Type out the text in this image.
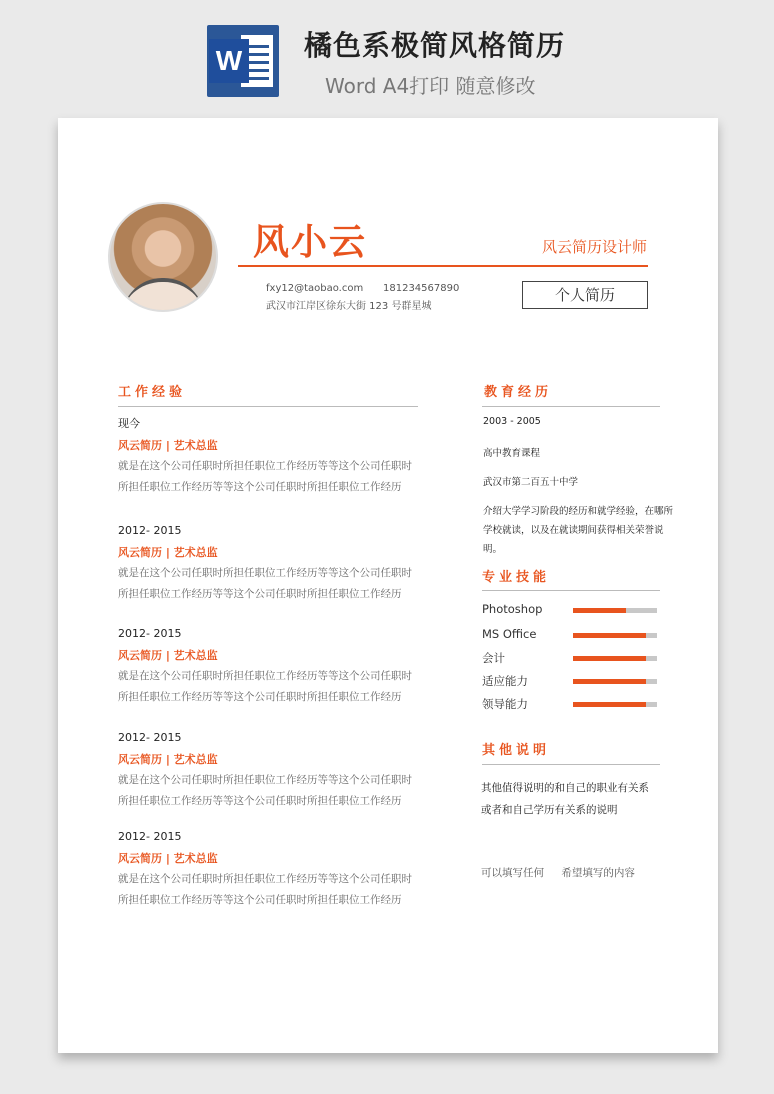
W 橘色系极简风格简历
Word A4打印 随意修改
风小云	风云简历设计师
fxy12@taobao.com 181234567890
武汉市江岸区徐东大街 123 号群星城
个人简历
工作经验
现今
风云简历 | 艺术总监
就是在这个公司任职时所担任职位工作经历等等这个公司任职时
所担任职位工作经历等等这个公司任职时所担任职位工作经历
2012- 2015
风云简历 | 艺术总监
就是在这个公司任职时所担任职位工作经历等等这个公司任职时
所担任职位工作经历等等这个公司任职时所担任职位工作经历
2012- 2015
风云简历 | 艺术总监
就是在这个公司任职时所担任职位工作经历等等这个公司任职时
所担任职位工作经历等等这个公司任职时所担任职位工作经历
2012- 2015
风云简历 | 艺术总监
就是在这个公司任职时所担任职位工作经历等等这个公司任职时
所担任职位工作经历等等这个公司任职时所担任职位工作经历
2012- 2015
风云简历 | 艺术总监
就是在这个公司任职时所担任职位工作经历等等这个公司任职时
所担任职位工作经历等等这个公司任职时所担任职位工作经历
教育经历
2003 - 2005
高中教育课程
武汉市第二百五十中学
介绍大学学习阶段的经历和就学经验，在哪所
学校就读，以及在就读期间获得相关荣誉说
明。
专业技能
Photoshop
MS Office
会计
适应能力
领导能力
其他说明
其他值得说明的和自己的职业有关系
或者和自己学历有关系的说明
可以填写任何 希望填写的内容
